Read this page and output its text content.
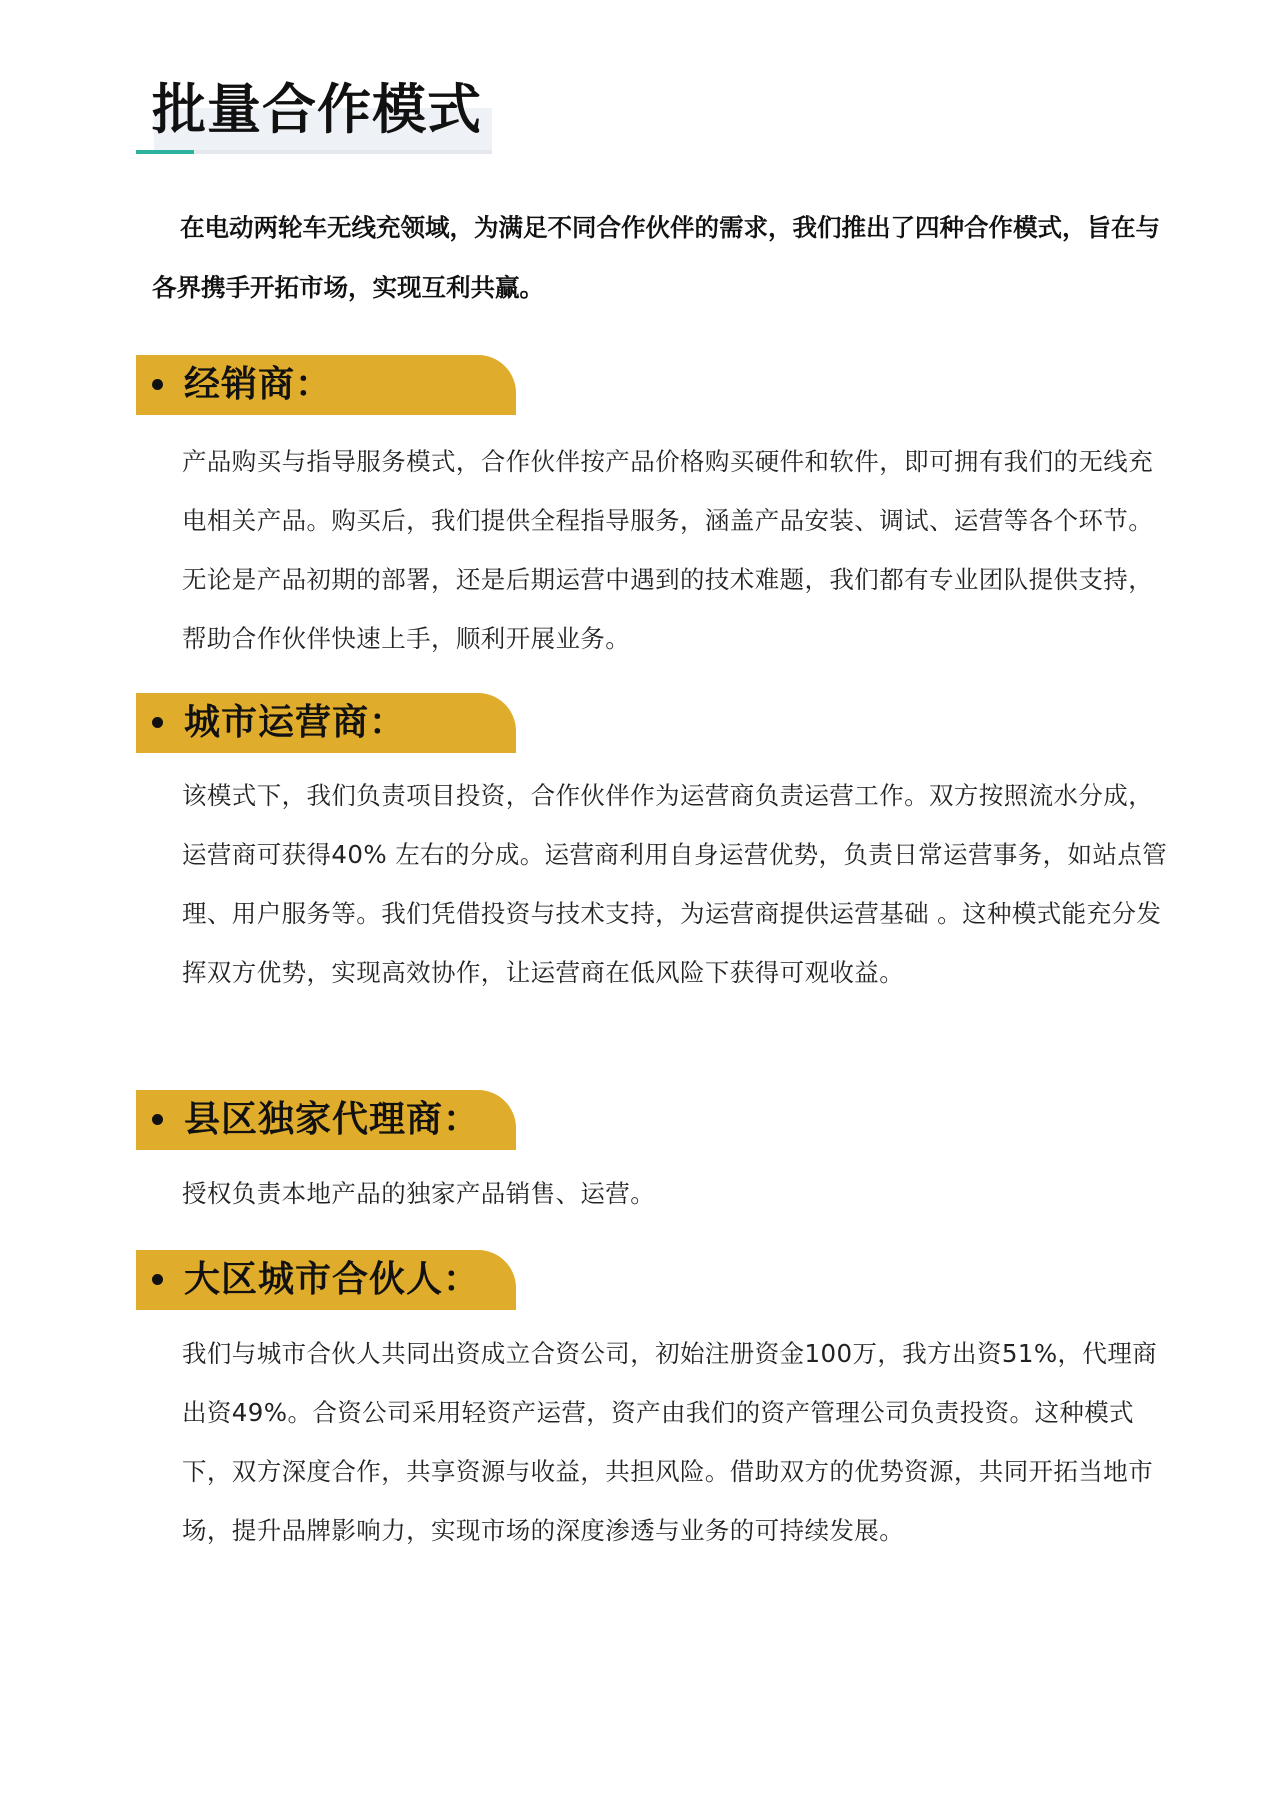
批量合作模式

在电动两轮车无线充领域，为满足不同合作伙伴的需求，我们推出了四种合作模式，旨在与各界携手开拓市场，实现互利共赢。

经销商：

产品购买与指导服务模式，合作伙伴按产品价格购买硬件和软件，即可拥有我们的无线充电相关产品。购买后，我们提供全程指导服务，涵盖产品安装、调试、运营等各个环节。无论是产品初期的部署，还是后期运营中遇到的技术难题，我们都有专业团队提供支持，帮助合作伙伴快速上手，顺利开展业务。

城市运营商：

该模式下，我们负责项目投资，合作伙伴作为运营商负责运营工作。双方按照流水分成，运营商可获得40% 左右的分成。运营商利用自身运营优势，负责日常运营事务，如站点管理、用户服务等。我们凭借投资与技术支持，为运营商提供运营基础 。这种模式能充分发挥双方优势，实现高效协作，让运营商在低风险下获得可观收益。

县区独家代理商：

授权负责本地产品的独家产品销售、运营。

大区城市合伙人：

我们与城市合伙人共同出资成立合资公司，初始注册资金100万，我方出资51%，代理商出资49%。合资公司采用轻资产运营，资产由我们的资产管理公司负责投资。这种模式下，双方深度合作，共享资源与收益，共担风险。借助双方的优势资源，共同开拓当地市场，提升品牌影响力，实现市场的深度渗透与业务的可持续发展。
